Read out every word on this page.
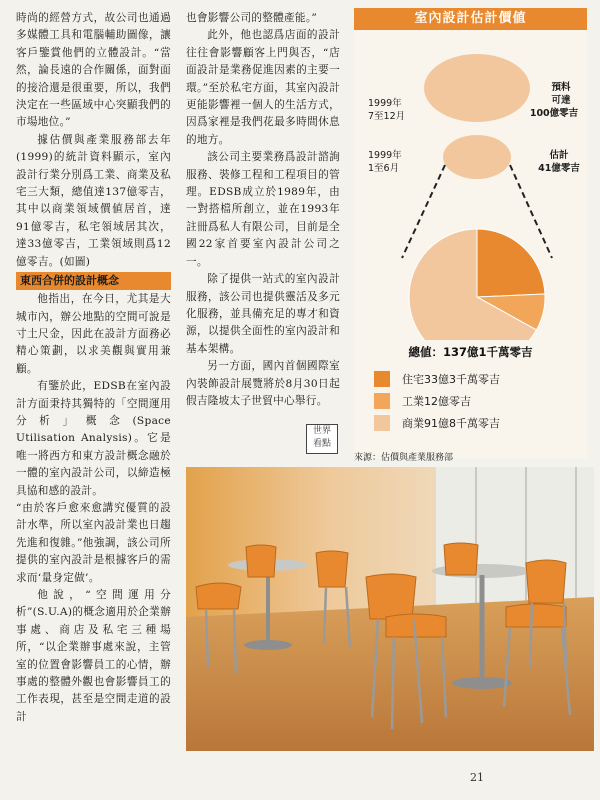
時尚的經營方式，故公司也通過多媒體工具和電腦輔助圖像，讓客戶鑒賞他們的立體設計。“當然，論長遠的合作關係，面對面的接洽還是很重要，所以，我們決定在一些區域中心突顯我們的市場地位。”

據估價與產業服務部去年(1999)的統計資料顯示，室內設計行業分別爲工業、商業及私宅三大類，總值達137億零吉，其中以商業領域價値居首，達91億零吉，私宅領域居其次，達33億零吉，工業領域則爲12億零吉。(如圖)

東西合併的設計概念

他指出，在今日，尤其是大城市內，辦公地點的空間可說是寸土尺金，因此在設計方面務必精心策劃，以求美觀與實用兼顧。

有鑒於此，EDSB在室內設計方面秉持其獨特的「空間運用分析」概念(Space Utilisation Analysis)。它是唯一將西方和東方設計概念融於一體的室內設計公司，以締造極具協和感的設計。

“由於客戶愈來愈講究優質的設計水準，所以室內設計業也日趨先進和復雜。”他強調，該公司所提供的室內設計是根據客戶的需求而‘量身定做’。

他說，“空間運用分析”(S.U.A)的概念適用於企業辦事處、商店及私宅三種場所，“以企業辦事處來說，主管室的位置會影響員工的心情，辦事處的整體外觀也會影響員工的工作表現，甚至是空間走道的設計

也會影響公司的整體產能。”

此外，他也認爲店面的設計往往會影響顧客上門與否，“店面設計是業務促進因素的主要一環。”至於私宅方面，其室內設計更能影響裡一個人的生活方式，因爲家裡是我們花最多時間休息的地方。

該公司主要業務爲設計諮詢服務、裝修工程和工程項目的管理。EDSB成立於1989年，由一對搭檔所創立，並在1993年註冊爲私人有限公司，目前是全國22家首要室內設計公司之一。

除了提供一站式的室內設計服務，該公司也提供靈活及多元化服務，並具備充足的專才和資源，以提供全面性的室內設計和基本架構。

另一方面，國內首個國際室內裝飾設計展覽將於8月30日起假吉隆坡太子世貿中心舉行。

世界
看點
室內設計估計價値
1999年
7至12月
預料
可達
100億零吉
1999年
1至6月
估計
41億零吉
總値：137億1千萬零吉
住宅33億3千萬零吉
工業12億零吉
商業91億8千萬零吉
來源：估價與產業服務部
21
